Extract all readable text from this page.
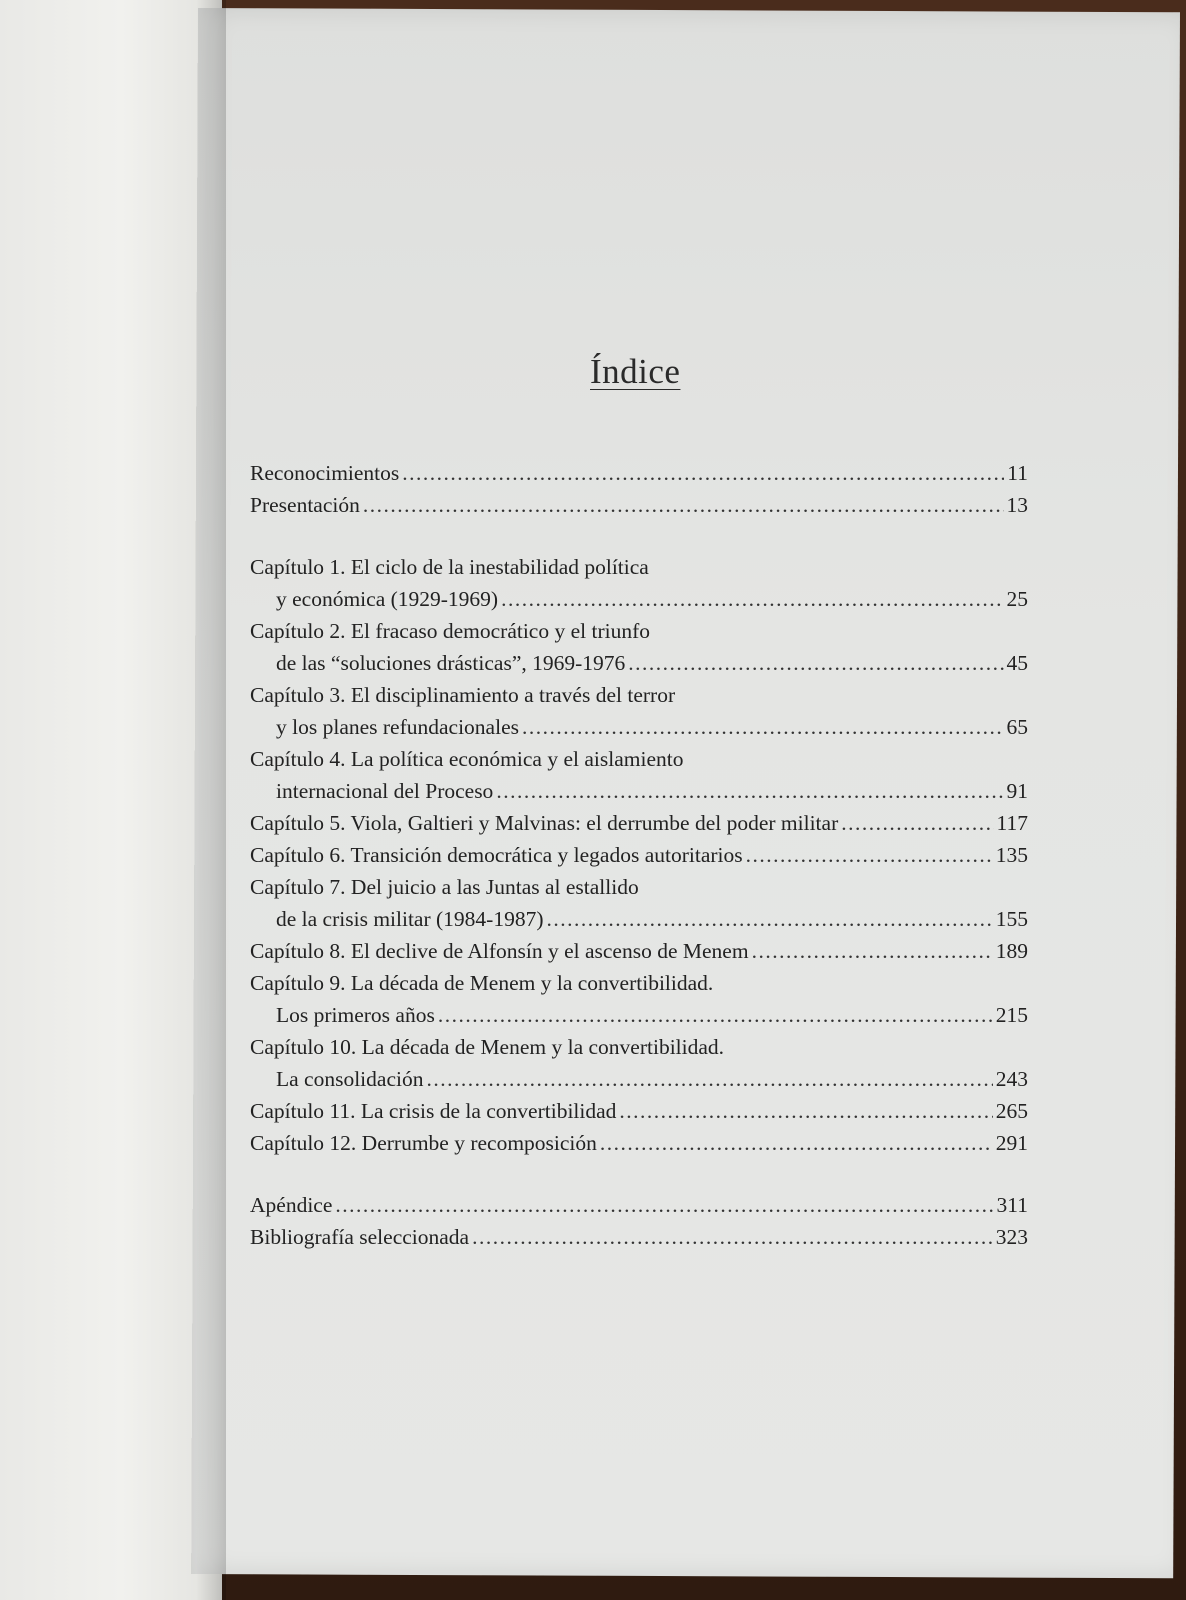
Índice
Reconocimientos .....	11
Presentación .....	13
Capítulo 1. El ciclo de la inestabilidad política
y económica (1929-1969) .....	25
Capítulo 2. El fracaso democrático y el triunfo
de las “soluciones drásticas”, 1969-1976 .....	45
Capítulo 3. El disciplinamiento a través del terror
y los planes refundacionales .....	65
Capítulo 4. La política económica y el aislamiento
internacional del Proceso .....	91
Capítulo 5. Viola, Galtieri y Malvinas: el derrumbe del poder militar .....	117
Capítulo 6. Transición democrática y legados autoritarios .....	135
Capítulo 7. Del juicio a las Juntas al estallido
de la crisis militar (1984-1987) .....	155
Capítulo 8. El declive de Alfonsín y el ascenso de Menem .....	189
Capítulo 9. La década de Menem y la convertibilidad.
Los primeros años .....	215
Capítulo 10. La década de Menem y la convertibilidad.
La consolidación .....	243
Capítulo 11. La crisis de la convertibilidad .....	265
Capítulo 12. Derrumbe y recomposición .....	291
Apéndice .....	311
Bibliografía seleccionada .....	323
